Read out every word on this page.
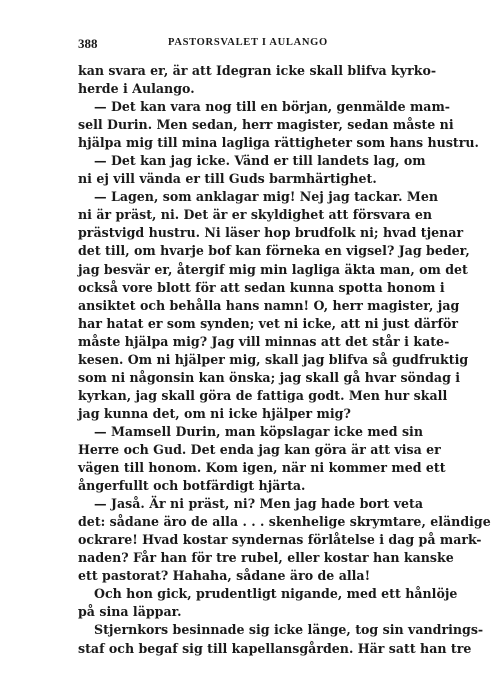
388	PASTORSVALET I AULANGO
kan svara er, är att Idegran icke skall blifva kyrko-
herde i Aulango.
— Det kan vara nog till en början, genmälde mam-
sell Durin. Men sedan, herr magister, sedan måste ni
hjälpa mig till mina lagliga rättigheter som hans hustru.
— Det kan jag icke. Vänd er till landets lag, om
ni ej vill vända er till Guds barmhärtighet.
— Lagen, som anklagar mig! Nej jag tackar. Men
ni är präst, ni. Det är er skyldighet att försvara en
prästvigd hustru. Ni läser hop brudfolk ni; hvad tjenar
det till, om hvarje bof kan förneka en vigsel? Jag beder,
jag besvär er, återgif mig min lagliga äkta man, om det
också vore blott för att sedan kunna spotta honom i
ansiktet och behålla hans namn! O, herr magister, jag
har hatat er som synden; vet ni icke, att ni just därför
måste hjälpa mig? Jag vill minnas att det står i kate-
kesen. Om ni hjälper mig, skall jag blifva så gudfruktig
som ni någonsin kan önska; jag skall gå hvar söndag i
kyrkan, jag skall göra de fattiga godt. Men hur skall
jag kunna det, om ni icke hjälper mig?
— Mamsell Durin, man köpslagar icke med sin
Herre och Gud. Det enda jag kan göra är att visa er
vägen till honom. Kom igen, när ni kommer med ett
ångerfullt och botfärdigt hjärta.
— Jaså. Är ni präst, ni? Men jag hade bort veta
det: sådane äro de alla . . . skenhelige skrymtare, eländige
ockrare! Hvad kostar syndernas förlåtelse i dag på mark-
naden? Får han för tre rubel, eller kostar han kanske
ett pastorat? Hahaha, sådane äro de alla!
Och hon gick, prudentligt nigande, med ett hånlöje
på sina läppar.
Stjernkors besinnade sig icke länge, tog sin vandrings-
staf och begaf sig till kapellansgården. Här satt han tre
